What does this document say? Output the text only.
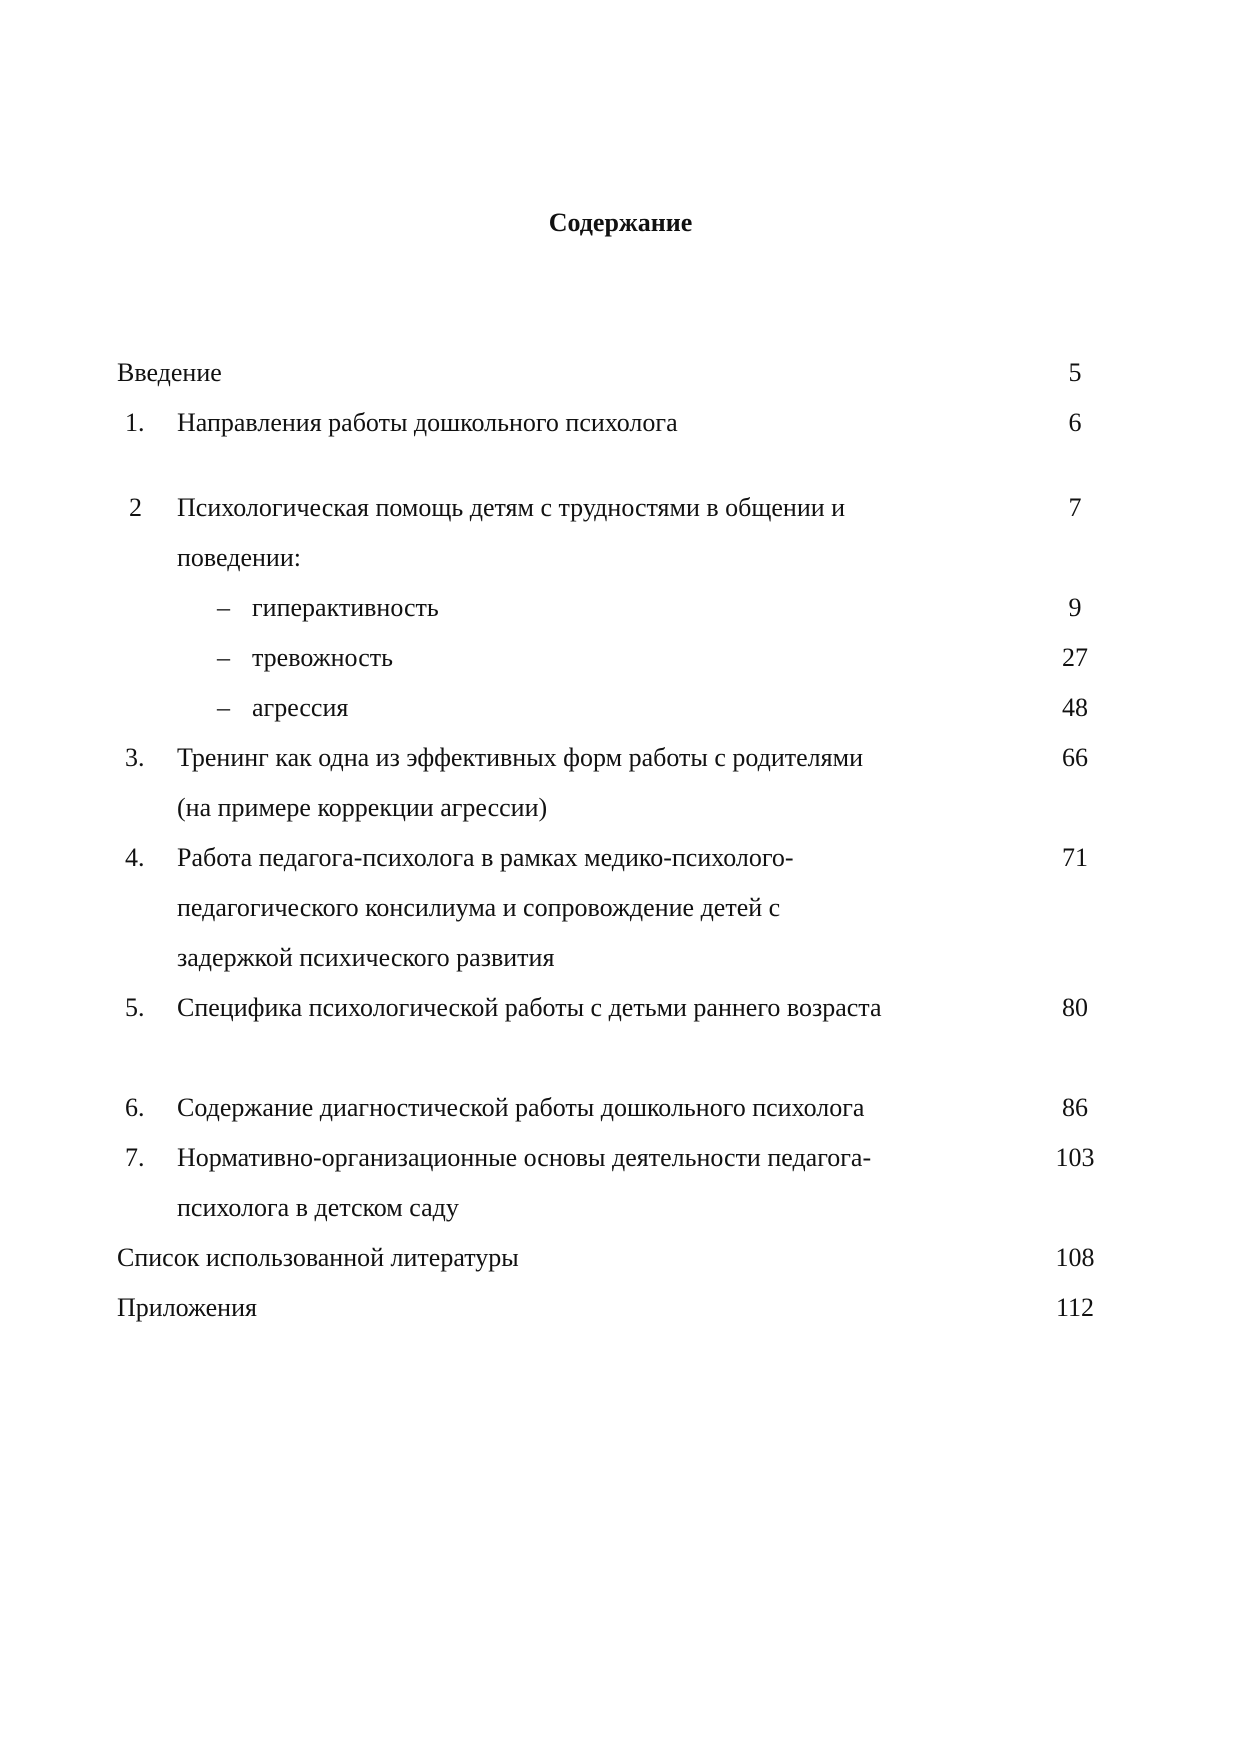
Содержание
Введение	5
1.	Направления работы дошкольного психолога	6
2	Психологическая помощь детям с трудностями в общении и	7
поведении:
– гиперактивность	9
– тревожность	27
– агрессия	48
3.	Тренинг как одна из эффективных форм работы с родителями	66
(на примере коррекции агрессии)
4.	Работа педагога-психолога в рамках медико-психолого-	71
педагогического консилиума и сопровождение детей с
задержкой психического развития
5.	Специфика психологической работы с детьми раннего возраста	80
6.	Содержание диагностической работы дошкольного психолога	86
7.	Нормативно-организационные основы деятельности педагога-	103
психолога в детском саду
Список использованной литературы	108
Приложения	112
